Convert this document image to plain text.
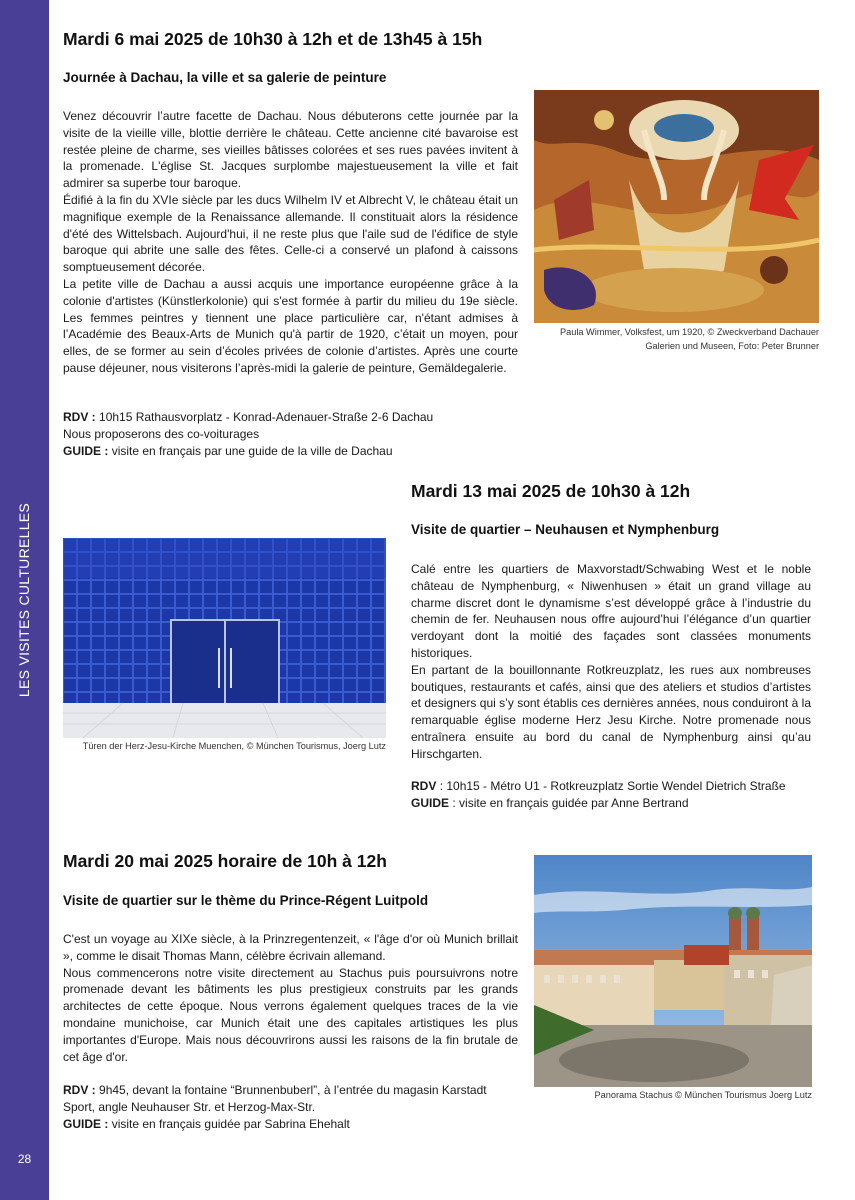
LES VISITES CULTURELLES
28
Mardi 6 mai 2025 de 10h30 à 12h et de 13h45 à 15h
Journée à Dachau, la ville et sa galerie de peinture

Venez découvrir l’autre facette de Dachau. Nous débuterons cette journée par la visite de la vieille ville, blottie derrière le château. Cette ancienne cité bavaroise est restée pleine de charme, ses vieilles bâtisses colorées et ses rues pavées invitent à la promenade. L'église St. Jacques surplombe majestueusement la ville et fait admirer sa superbe tour baroque.

Édifié à la fin du XVIe siècle par les ducs Wilhelm IV et Albrecht V, le château était un magnifique exemple de la Renaissance allemande. Il constituait alors la résidence d'été des Wittelsbach. Aujourd'hui, il ne reste plus que l'aile sud de l'édifice de style baroque qui abrite une salle des fêtes. Celle-ci a conservé un plafond à caissons somptueusement décorée.

La petite ville de Dachau a aussi acquis une importance européenne grâce à la colonie d'artistes (Künstlerkolonie) qui s'est formée à partir du milieu du 19e siècle. Les femmes peintres y tiennent une place particulière car, n'étant admises à l’Académie des Beaux-Arts de Munich qu'à partir de 1920, c’était un moyen, pour elles, de se former au sein d’écoles privées de colonie d’artistes. Après une courte pause déjeuner, nous visiterons l’après-midi la galerie de peinture, Gemäldegalerie.

RDV : 10h15 Rathausvorplatz - Konrad-Adenauer-Straße 2-6 Dachau
Nous proposerons des co-voiturages
GUIDE : visite en français par une guide de la ville de Dachau
Paula Wimmer, Volksfest, um 1920, © Zweckverband Dachauer Galerien und Museen, Foto: Peter Brunner
Mardi 13 mai 2025 de 10h30 à 12h
Visite de quartier – Neuhausen et Nymphenburg

Calé entre les quartiers de Maxvorstadt/Schwabing West et le noble château de Nymphenburg, « Niwenhusen » était un grand village au charme discret dont le dynamisme s’est développé grâce à l’industrie du chemin de fer. Neuhausen nous offre aujourd’hui l’élégance d’un quartier verdoyant dont la moitié des façades sont classées monuments historiques.

En partant de la bouillonnante Rotkreuzplatz, les rues aux nombreuses boutiques, restaurants et cafés, ainsi que des ateliers et studios d’artistes et designers qui s’y sont établis ces dernières années, nous conduiront à la remarquable église moderne Herz Jesu Kirche. Notre promenade nous entraînera ensuite au bord du canal de Nymphenburg ainsi qu’au Hirschgarten.

RDV : 10h15 - Métro U1 - Rotkreuzplatz Sortie Wendel Dietrich Straße
GUIDE : visite en français guidée par Anne Bertrand
Türen der Herz-Jesu-Kirche Muenchen, © München Tourismus, Joerg Lutz
Mardi 20 mai 2025 horaire de 10h à 12h
Visite de quartier sur le thème du Prince-Régent Luitpold

C'est un voyage au XIXe siècle, à la Prinzregentenzeit, « l'âge d'or où Munich brillait », comme le disait Thomas Mann, célèbre écrivain allemand.

Nous commencerons notre visite directement au Stachus puis poursuivrons notre promenade devant les bâtiments les plus prestigieux construits par les grands architectes de cette époque. Nous verrons également quelques traces de la vie mondaine munichoise, car Munich était une des capitales artistiques les plus importantes d'Europe. Mais nous découvrirons aussi les raisons de la fin brutale de cet âge d'or.

RDV : 9h45, devant la fontaine “Brunnenbuberl”, à l’entrée du magasin Karstadt Sport, angle Neuhauser Str. et Herzog-Max-Str.
GUIDE : visite en français guidée par Sabrina Ehehalt
Panorama Stachus © München Tourismus Joerg Lutz
